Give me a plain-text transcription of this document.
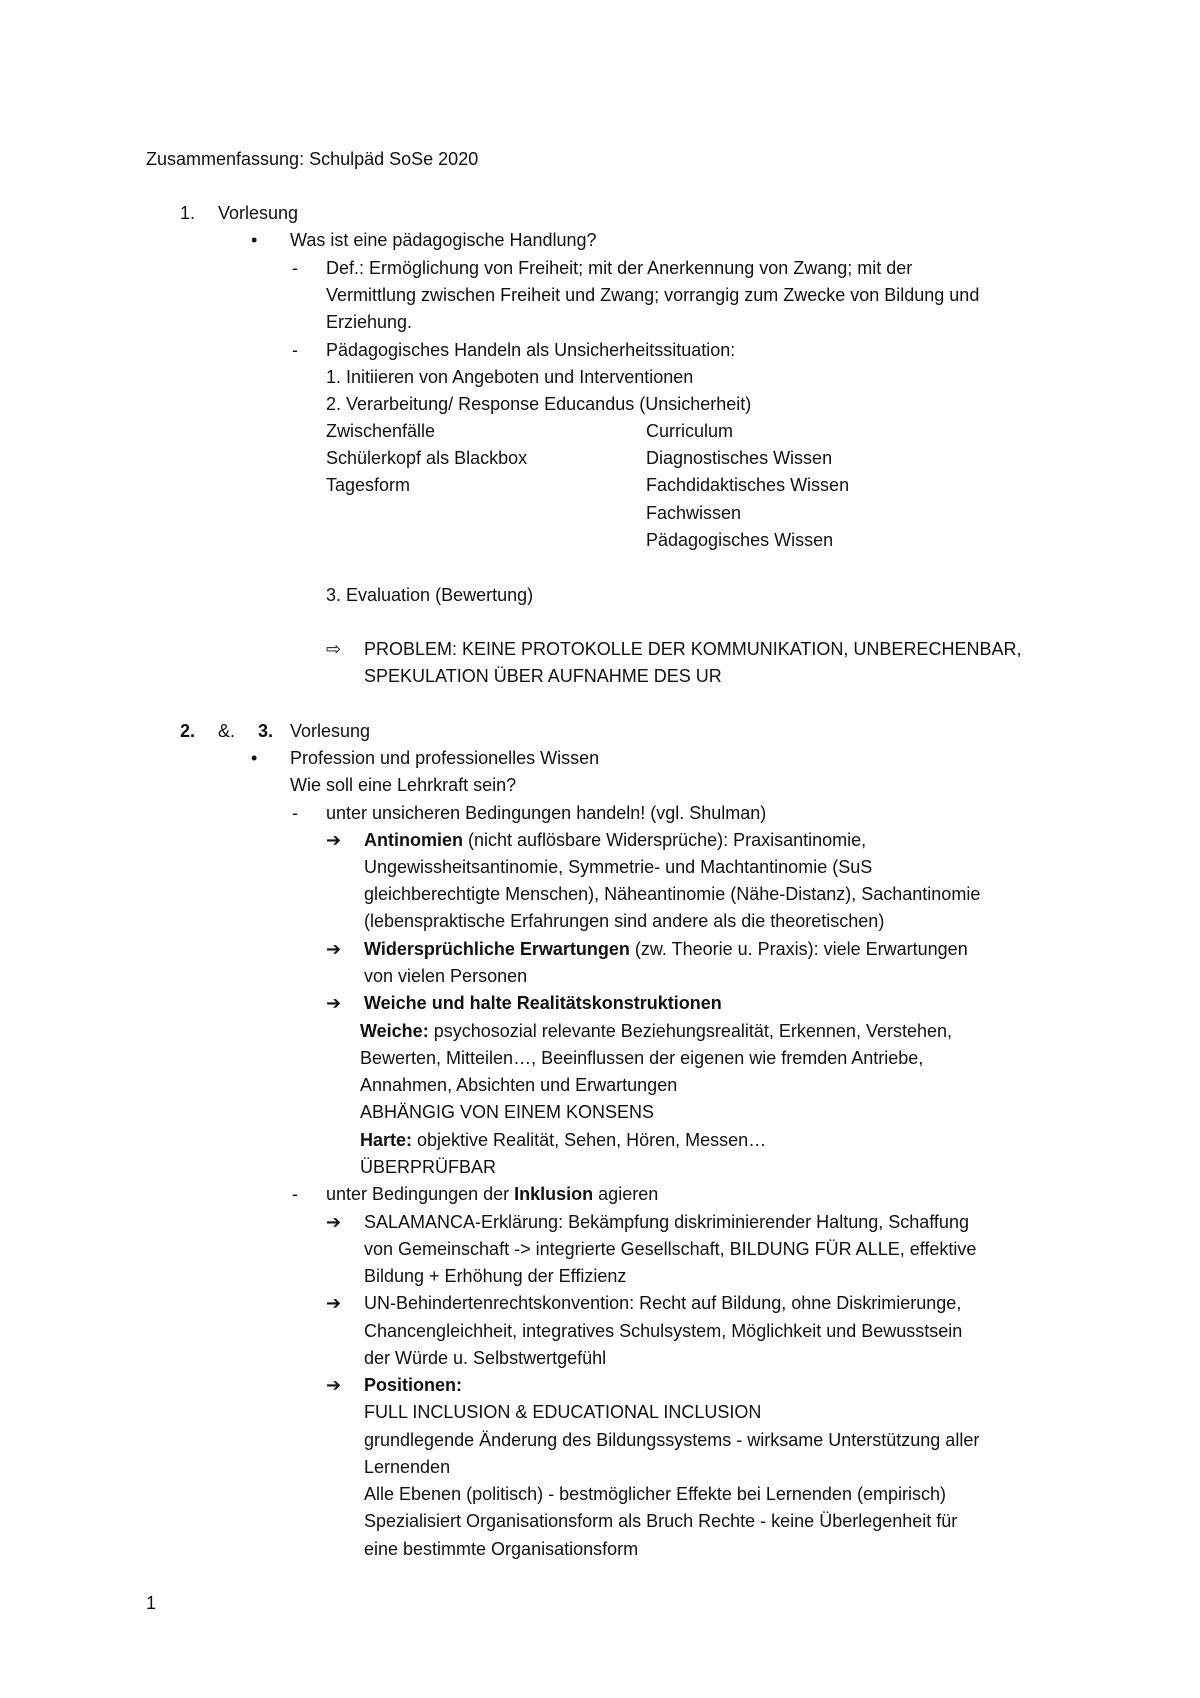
Zusammenfassung: Schulpäd SoSe 2020
1. Vorlesung
• Was ist eine pädagogische Handlung?
- Def.: Ermöglichung von Freiheit; mit der Anerkennung von Zwang; mit der
Vermittlung zwischen Freiheit und Zwang; vorrangig zum Zwecke von Bildung und
Erziehung.
- Pädagogisches Handeln als Unsicherheitssituation:
1. Initiieren von Angeboten und Interventionen
2. Verarbeitung/ Response Educandus (Unsicherheit)
Zwischenfälle
Schülerkopf als Blackbox
Tagesform
Curriculum
Diagnostisches Wissen
Fachdidaktisches Wissen
Fachwissen
Pädagogisches Wissen
3. Evaluation (Bewertung)
⇨ PROBLEM: KEINE PROTOKOLLE DER KOMMUNIKATION, UNBERECHENBAR,
SPEKULATION ÜBER AUFNAHME DES UR
2. &. 3. Vorlesung
• Profession und professionelles Wissen
Wie soll eine Lehrkraft sein?
- unter unsicheren Bedingungen handeln! (vgl. Shulman)
➔ Antinomien (nicht auflösbare Widersprüche): Praxisantinomie,
Ungewissheitsantinomie, Symmetrie- und Machtantinomie (SuS
gleichberechtigte Menschen), Näheantinomie (Nähe-Distanz), Sachantinomie
(lebenspraktische Erfahrungen sind andere als die theoretischen)
➔ Widersprüchliche Erwartungen (zw. Theorie u. Praxis): viele Erwartungen
von vielen Personen
➔ Weiche und halte Realitätskonstruktionen
Weiche: psychosozial relevante Beziehungsrealität, Erkennen, Verstehen,
Bewerten, Mitteilen…, Beeinflussen der eigenen wie fremden Antriebe,
Annahmen, Absichten und Erwartungen
ABHÄNGIG VON EINEM KONSENS
Harte: objektive Realität, Sehen, Hören, Messen…
ÜBERPRÜFBAR
- unter Bedingungen der Inklusion agieren
➔ SALAMANCA-Erklärung: Bekämpfung diskriminierender Haltung, Schaffung
von Gemeinschaft -> integrierte Gesellschaft, BILDUNG FÜR ALLE, effektive
Bildung + Erhöhung der Effizienz
➔ UN-Behindertenrechtskonvention: Recht auf Bildung, ohne Diskrimierunge,
Chancengleichheit, integratives Schulsystem, Möglichkeit und Bewusstsein
der Würde u. Selbstwertgefühl
➔ Positionen:
FULL INCLUSION & EDUCATIONAL INCLUSION
grundlegende Änderung des Bildungssystems - wirksame Unterstützung aller
Lernenden
Alle Ebenen (politisch) - bestmöglicher Effekte bei Lernenden (empirisch)
Spezialisiert Organisationsform als Bruch Rechte - keine Überlegenheit für
eine bestimmte Organisationsform
1
